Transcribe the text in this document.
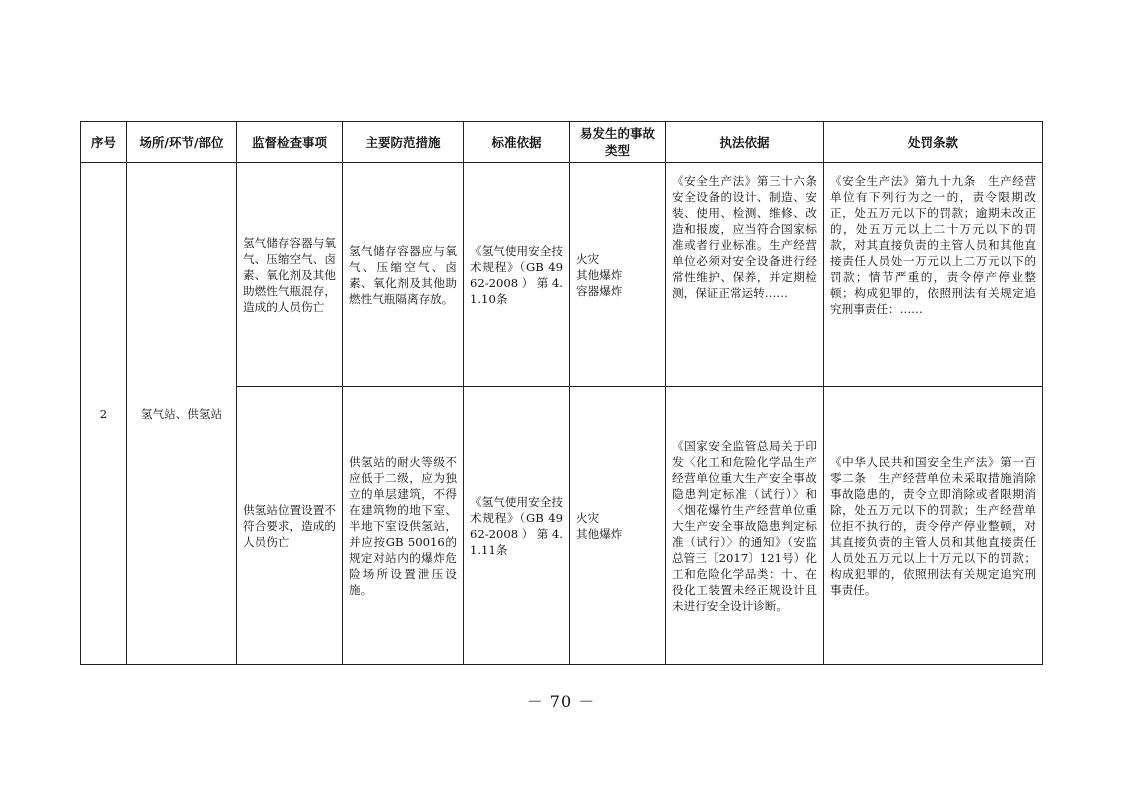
序号	场所/环节/部位	监督检查事项	主要防范措施	标准依据	易发生的事故类型	执法依据	处罚条款
2	氢气站、供氢站	氢气储存容器与氧气、压缩空气、卤素、氧化剂及其他助燃性气瓶混存，造成的人员伤亡	氢气储存容器应与氧气、压缩空气、卤素、氧化剂及其他助燃性气瓶隔离存放。	《氢气使用安全技术规程》（GB 4962-2008）第4.1.10条	火灾
其他爆炸
容器爆炸	《安全生产法》第三十六条　安全设备的设计、制造、安装、使用、检测、维修、改造和报废，应当符合国家标准或者行业标准。生产经营单位必须对安全设备进行经常性维护、保养，并定期检测，保证正常运转……	《安全生产法》第九十九条　生产经营单位有下列行为之一的，责令限期改正，处五万元以下的罚款；逾期未改正的，处五万元以上二十万元以下的罚款，对其直接负责的主管人员和其他直接责任人员处一万元以上二万元以下的罚款；情节严重的，责令停产停业整顿；构成犯罪的，依照刑法有关规定追究刑事责任：……

		供氢站位置设置不符合要求，造成的人员伤亡	供氢站的耐火等级不应低于二级，应为独立的单层建筑，不得在建筑物的地下室、半地下室设供氢站，并应按GB 50016的规定对站内的爆炸危险场所设置泄压设施。	《氢气使用安全技术规程》（GB 4962-2008）第4.1.11条	火灾
其他爆炸	《国家安全监管总局关于印发〈化工和危险化学品生产经营单位重大生产安全事故隐患判定标准（试行）〉和〈烟花爆竹生产经营单位重大生产安全事故隐患判定标准（试行）〉的通知》（安监总管三〔2017〕121号）化工和危险化学品类：十、在役化工装置未经正规设计且未进行安全设计诊断。	《中华人民共和国安全生产法》第一百零二条　生产经营单位未采取措施消除事故隐患的，责令立即消除或者限期消除，处五万元以下的罚款；生产经营单位拒不执行的，责令停产停业整顿，对其直接负责的主管人员和其他直接责任人员处五万元以上十万元以下的罚款；构成犯罪的，依照刑法有关规定追究刑事责任。
－ 70 －
